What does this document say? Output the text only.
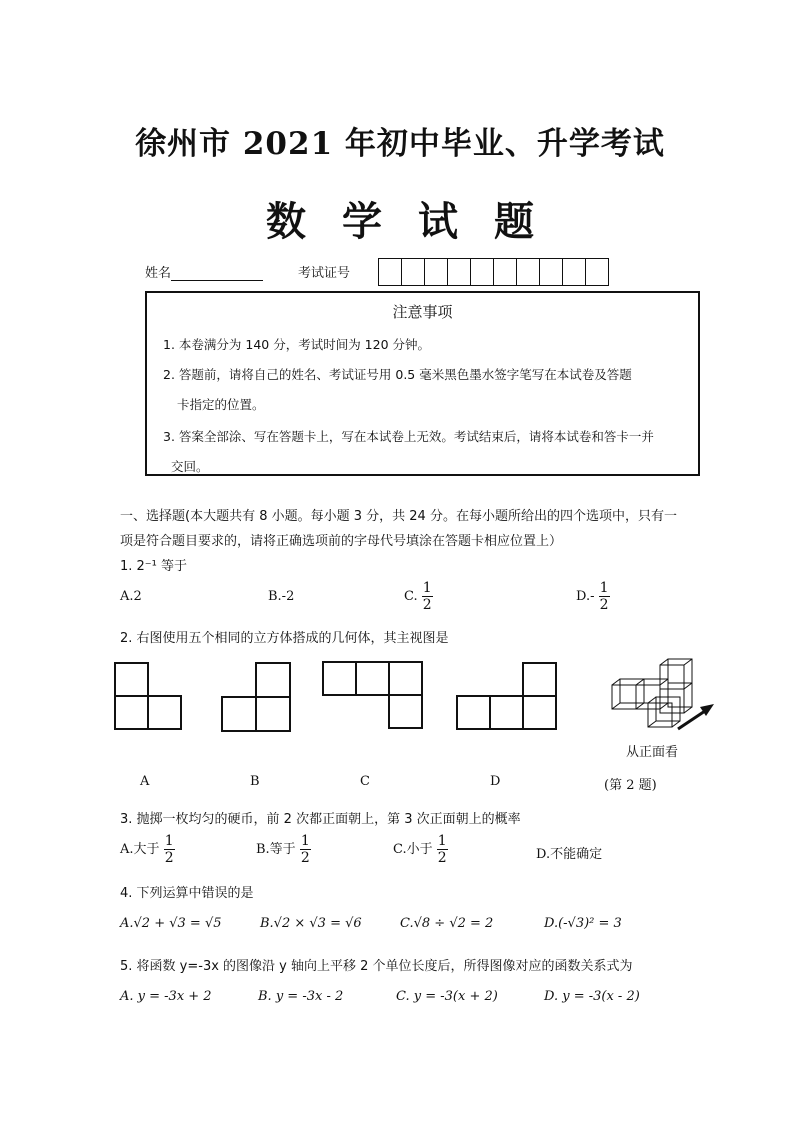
徐州市 2021 年初中毕业、升学考试
数学试题
姓名	考试证号
注意事项
1. 本卷满分为 140 分，考试时间为 120 分钟。
2. 答题前，请将自己的姓名、考试证号用 0.5 毫米黑色墨水签字笔写在本试卷及答题
卡指定的位置。
3. 答案全部涂、写在答题卡上，写在本试卷上无效。考试结束后，请将本试卷和答卡一并
交回。
一、选择题(本大题共有 8 小题。每小题 3 分，共 24 分。在每小题所给出的四个选项中，只有一
项是符合题目要求的，请将正确选项前的字母代号填涂在答题卡相应位置上）
1. 2⁻¹ 等于
A.2	B.-2	C. $\frac{1}{2}$	$D.- \frac{1}{2}$
2. 右图使用五个相同的立方体搭成的几何体，其主视图是
从正面看
A	B	C	D	(第 2 题)
3. 抛掷一枚均匀的硬币，前 2 次都正面朝上，第 3 次正面朝上的概率
A.大于 $\frac{1}{2}$	B.等于 $\frac{1}{2}$	C.小于 $\frac{1}{2}$	D.不能确定
4. 下列运算中错误的是
A.√2 + √3 = √5	B.√2 × √3 = √6	C.√8 ÷ √2 = 2	D.(-√3)² = 3
5. 将函数 y=-3x 的图像沿 y 轴向上平移 2 个单位长度后，所得图像对应的函数关系式为
A. y = -3x + 2	B. y = -3x - 2	C. y = -3(x + 2)	D. y = -3(x - 2)
